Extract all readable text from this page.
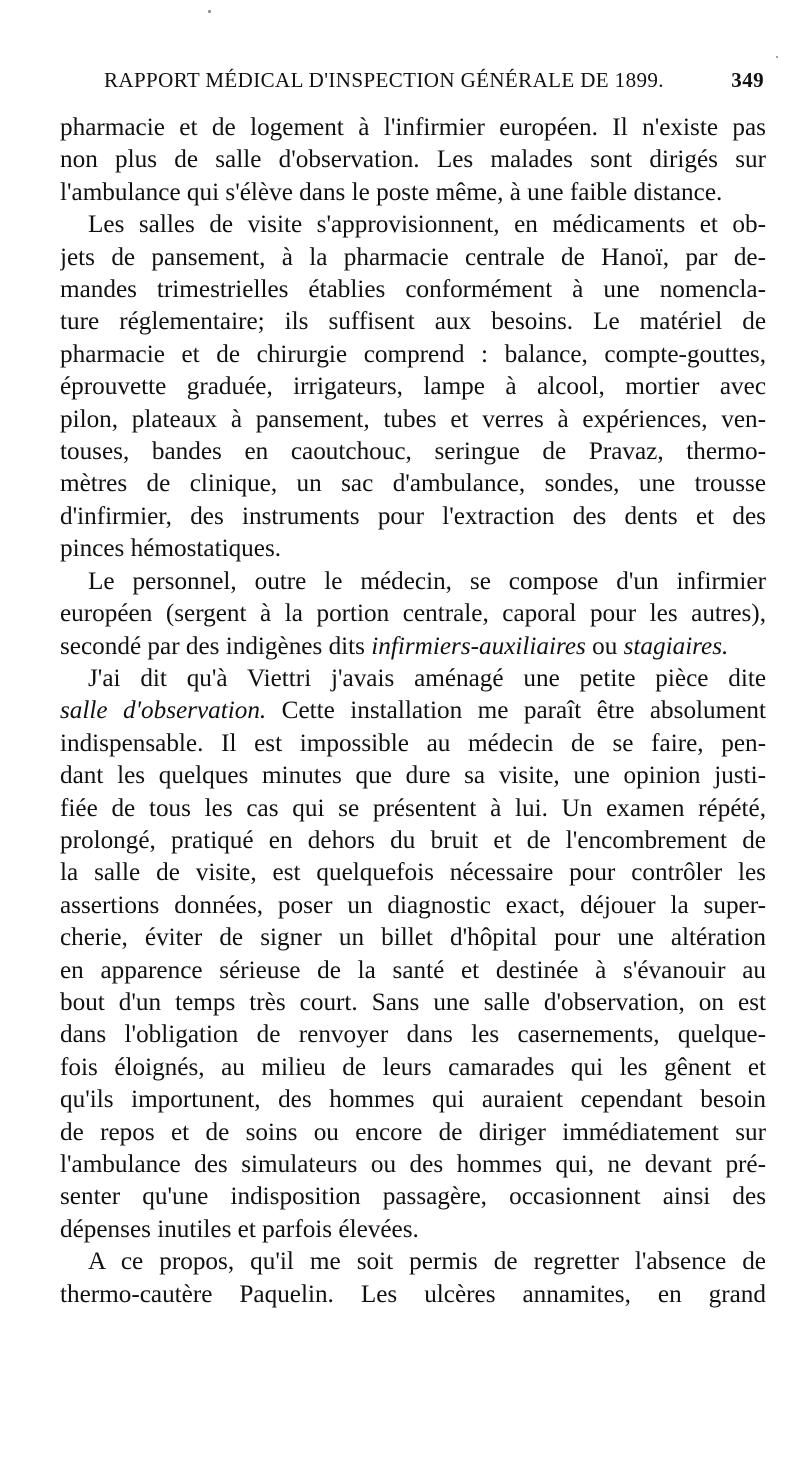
RAPPORT MÉDICAL D'INSPECTION GÉNÉRALE DE 1899.	349
pharmacie et de logement à l'infirmier européen. Il n'existe pas
non plus de salle d'observation. Les malades sont dirigés sur
l'ambulance qui s'élève dans le poste même, à une faible distance.
Les salles de visite s'approvisionnent, en médicaments et ob-
jets de pansement, à la pharmacie centrale de Hanoï, par de-
mandes trimestrielles établies conformément à une nomencla-
ture réglementaire; ils suffisent aux besoins. Le matériel de
pharmacie et de chirurgie comprend : balance, compte-gouttes,
éprouvette graduée, irrigateurs, lampe à alcool, mortier avec
pilon, plateaux à pansement, tubes et verres à expériences, ven-
touses, bandes en caoutchouc, seringue de Pravaz, thermo-
mètres de clinique, un sac d'ambulance, sondes, une trousse
d'infirmier, des instruments pour l'extraction des dents et des
pinces hémostatiques.
Le personnel, outre le médecin, se compose d'un infirmier
européen (sergent à la portion centrale, caporal pour les autres),
secondé par des indigènes dits infirmiers-auxiliaires ou stagiaires.
J'ai dit qu'à Viettri j'avais aménagé une petite pièce dite
salle d'observation. Cette installation me paraît être absolument
indispensable. Il est impossible au médecin de se faire, pen-
dant les quelques minutes que dure sa visite, une opinion justi-
fiée de tous les cas qui se présentent à lui. Un examen répété,
prolongé, pratiqué en dehors du bruit et de l'encombrement de
la salle de visite, est quelquefois nécessaire pour contrôler les
assertions données, poser un diagnostic exact, déjouer la super-
cherie, éviter de signer un billet d'hôpital pour une altération
en apparence sérieuse de la santé et destinée à s'évanouir au
bout d'un temps très court. Sans une salle d'observation, on est
dans l'obligation de renvoyer dans les casernements, quelque-
fois éloignés, au milieu de leurs camarades qui les gênent et
qu'ils importunent, des hommes qui auraient cependant besoin
de repos et de soins ou encore de diriger immédiatement sur
l'ambulance des simulateurs ou des hommes qui, ne devant pré-
senter qu'une indisposition passagère, occasionnent ainsi des
dépenses inutiles et parfois élevées.
A ce propos, qu'il me soit permis de regretter l'absence de
thermo-cautère Paquelin. Les ulcères annamites, en grand
